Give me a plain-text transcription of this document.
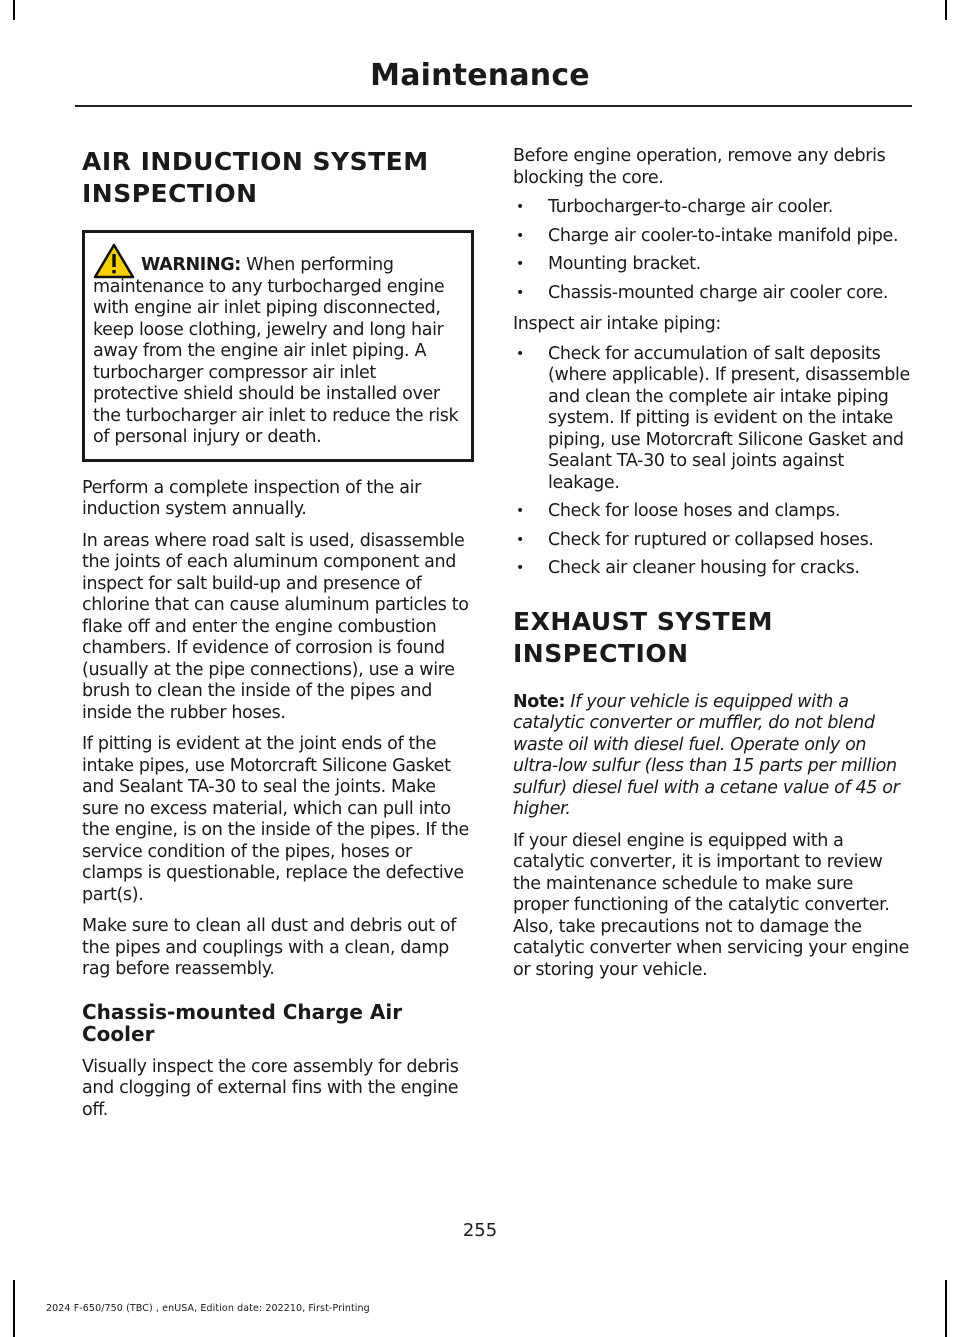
Maintenance
AIR INDUCTION SYSTEM
INSPECTION

WARNING: When performing maintenance to any turbocharged engine with engine air inlet piping disconnected, keep loose clothing, jewelry and long hair away from the engine air inlet piping. A turbocharger compressor air inlet protective shield should be installed over the turbocharger air inlet to reduce the risk of personal injury or death.

Perform a complete inspection of the air induction system annually.

In areas where road salt is used, disassemble the joints of each aluminum component and inspect for salt build-up and presence of chlorine that can cause aluminum particles to flake off and enter the engine combustion chambers. If evidence of corrosion is found (usually at the pipe connections), use a wire brush to clean the inside of the pipes and inside the rubber hoses.

If pitting is evident at the joint ends of the intake pipes, use Motorcraft Silicone Gasket and Sealant TA-30 to seal the joints. Make sure no excess material, which can pull into the engine, is on the inside of the pipes. If the service condition of the pipes, hoses or clamps is questionable, replace the defective part(s).

Make sure to clean all dust and debris out of the pipes and couplings with a clean, damp rag before reassembly.

Chassis-mounted Charge Air Cooler

Visually inspect the core assembly for debris and clogging of external fins with the engine off.

Before engine operation, remove any debris blocking the core.

• Turbocharger-to-charge air cooler.
• Charge air cooler-to-intake manifold pipe.
• Mounting bracket.
• Chassis-mounted charge air cooler core.

Inspect air intake piping:

• Check for accumulation of salt deposits (where applicable). If present, disassemble and clean the complete air intake piping system. If pitting is evident on the intake piping, use Motorcraft Silicone Gasket and Sealant TA-30 to seal joints against leakage.
• Check for loose hoses and clamps.
• Check for ruptured or collapsed hoses.
• Check air cleaner housing for cracks.
EXHAUST SYSTEM
INSPECTION

Note: If your vehicle is equipped with a catalytic converter or muffler, do not blend waste oil with diesel fuel. Operate only on ultra-low sulfur (less than 15 parts per million sulfur) diesel fuel with a cetane value of 45 or higher.

If your diesel engine is equipped with a catalytic converter, it is important to review the maintenance schedule to make sure proper functioning of the catalytic converter. Also, take precautions not to damage the catalytic converter when servicing your engine or storing your vehicle.

255
2024 F-650/750 (TBC) , enUSA, Edition date: 202210, First-Printing
